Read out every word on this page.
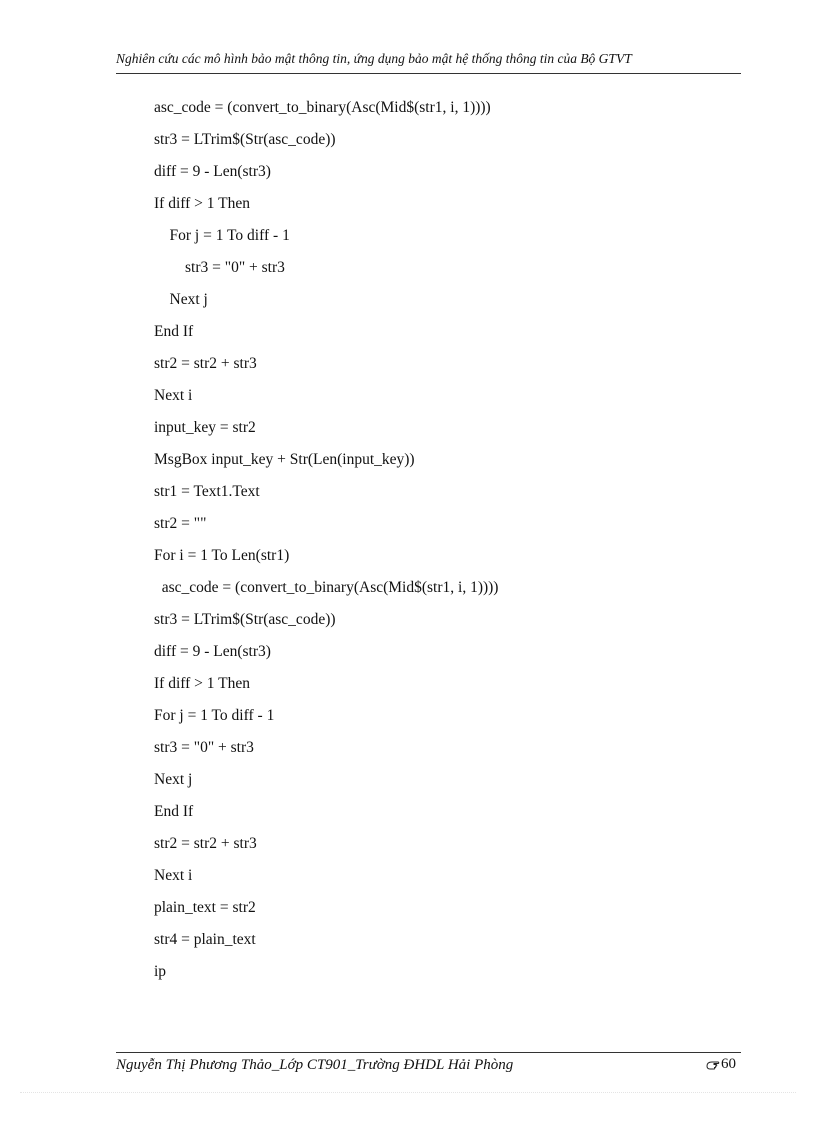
Nghiên cứu các mô hình bảo mật thông tin, ứng dụng bảo mật hệ thống thông tin của Bộ GTVT
asc_code = (convert_to_binary(Asc(Mid$(str1, i, 1))))
str3 = LTrim$(Str(asc_code))
diff = 9 - Len(str3)
If diff > 1 Then
For j = 1 To diff - 1
str3 = "0" + str3
Next j
End If
str2 = str2 + str3
Next i
input_key = str2
MsgBox input_key + Str(Len(input_key))
str1 = Text1.Text
str2 = ""
For i = 1 To Len(str1)
asc_code = (convert_to_binary(Asc(Mid$(str1, i, 1))))
str3 = LTrim$(Str(asc_code))
diff = 9 - Len(str3)
If diff > 1 Then
For j = 1 To diff - 1
str3 = "0" + str3
Next j
End If
str2 = str2 + str3
Next i
plain_text = str2
str4 = plain_text
ip
Nguyễn Thị Phương Thảo_Lớp CT901_Trường ĐHDL Hải Phòng	60
